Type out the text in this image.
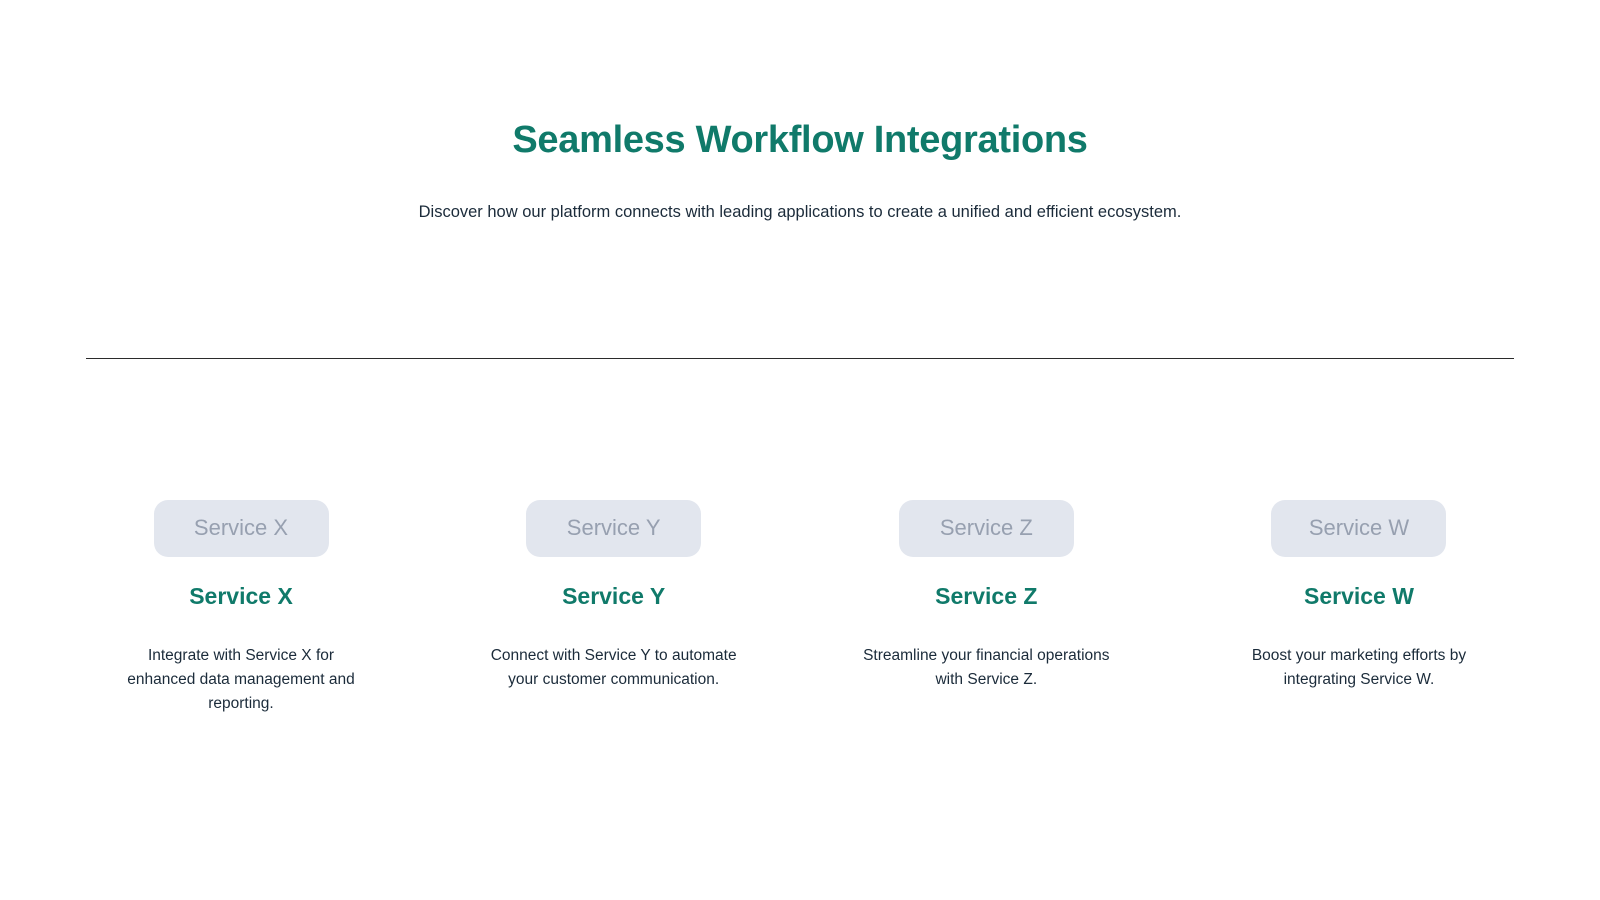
Seamless Workflow Integrations

Discover how our platform connects with leading applications to create a unified and efficient ecosystem.

Service X
Service X
Integrate with Service X for enhanced data management and reporting.
Service Y
Service Y
Connect with Service Y to automate your customer communication.
Service Z
Service Z
Streamline your financial operations with Service Z.
Service W
Service W
Boost your marketing efforts by integrating Service W.
